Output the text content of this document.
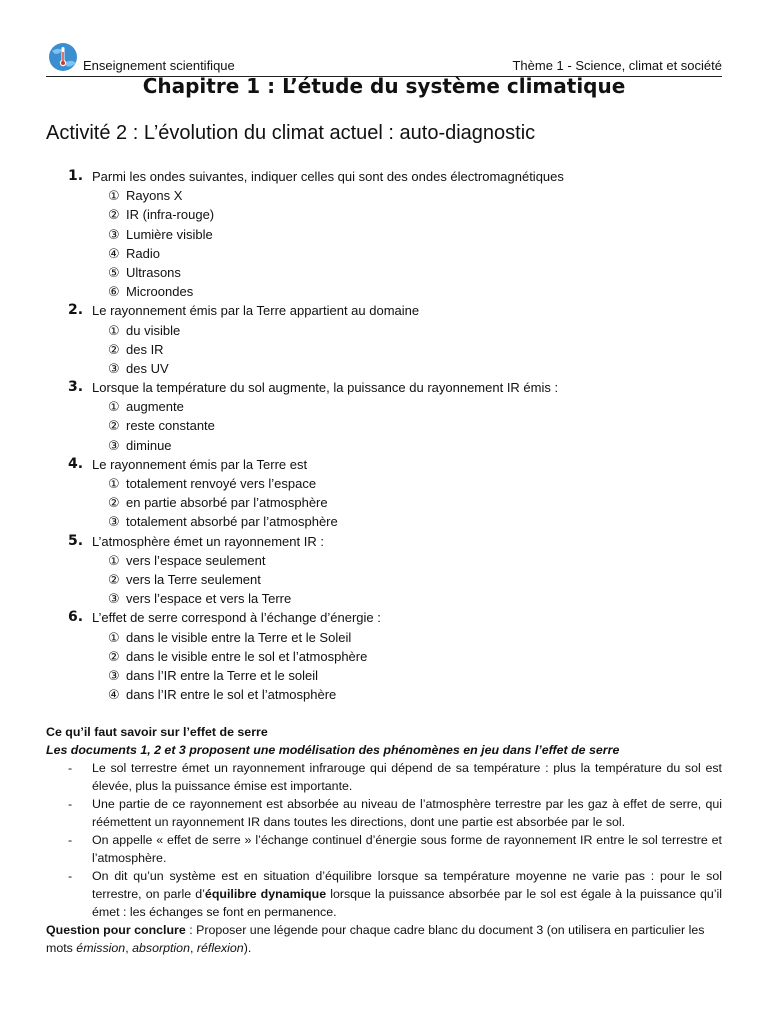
Enseignement scientifique	Thème 1 - Science, climat et société
Chapitre 1 : L’étude du système climatique
Activité 2 : L’évolution du climat actuel : auto-diagnostic
1. Parmi les ondes suivantes, indiquer celles qui sont des ondes électromagnétiques
① Rayons X
② IR (infra-rouge)
③ Lumière visible
④ Radio
⑤ Ultrasons
⑥ Microondes
2. Le rayonnement émis par la Terre appartient au domaine
① du visible
② des IR
③ des UV
3. Lorsque la température du sol augmente, la puissance du rayonnement IR émis :
① augmente
② reste constante
③ diminue
4. Le rayonnement émis par la Terre est
① totalement renvoyé vers l’espace
② en partie absorbé par l’atmosphère
③ totalement absorbé par l’atmosphère
5. L’atmosphère émet un rayonnement IR :
① vers l’espace seulement
② vers la Terre seulement
③ vers l’espace et vers la Terre
6. L’effet de serre correspond à l’échange d’énergie :
① dans le visible entre la Terre et le Soleil
② dans le visible entre le sol et l’atmosphère
③ dans l’IR entre la Terre et le soleil
④ dans l’IR entre le sol et l’atmosphère
Ce qu’il faut savoir sur l’effet de serre
Les documents 1, 2 et 3 proposent une modélisation des phénomènes en jeu dans l’effet de serre
- Le sol terrestre émet un rayonnement infrarouge qui dépend de sa température : plus la température du sol est élevée, plus la puissance émise est importante.
- Une partie de ce rayonnement est absorbée au niveau de l’atmosphère terrestre par les gaz à effet de serre, qui réémettent un rayonnement IR dans toutes les directions, dont une partie est absorbée par le sol.
- On appelle « effet de serre » l’échange continuel d’énergie sous forme de rayonnement IR entre le sol terrestre et l’atmosphère.
- On dit qu’un système est en situation d’équilibre lorsque sa température moyenne ne varie pas : pour le sol terrestre, on parle d’équilibre dynamique lorsque la puissance absorbée par le sol est égale à la puissance qu’il émet : les échanges se font en permanence.
Question pour conclure : Proposer une légende pour chaque cadre blanc du document 3 (on utilisera en particulier les mots émission, absorption, réflexion).
